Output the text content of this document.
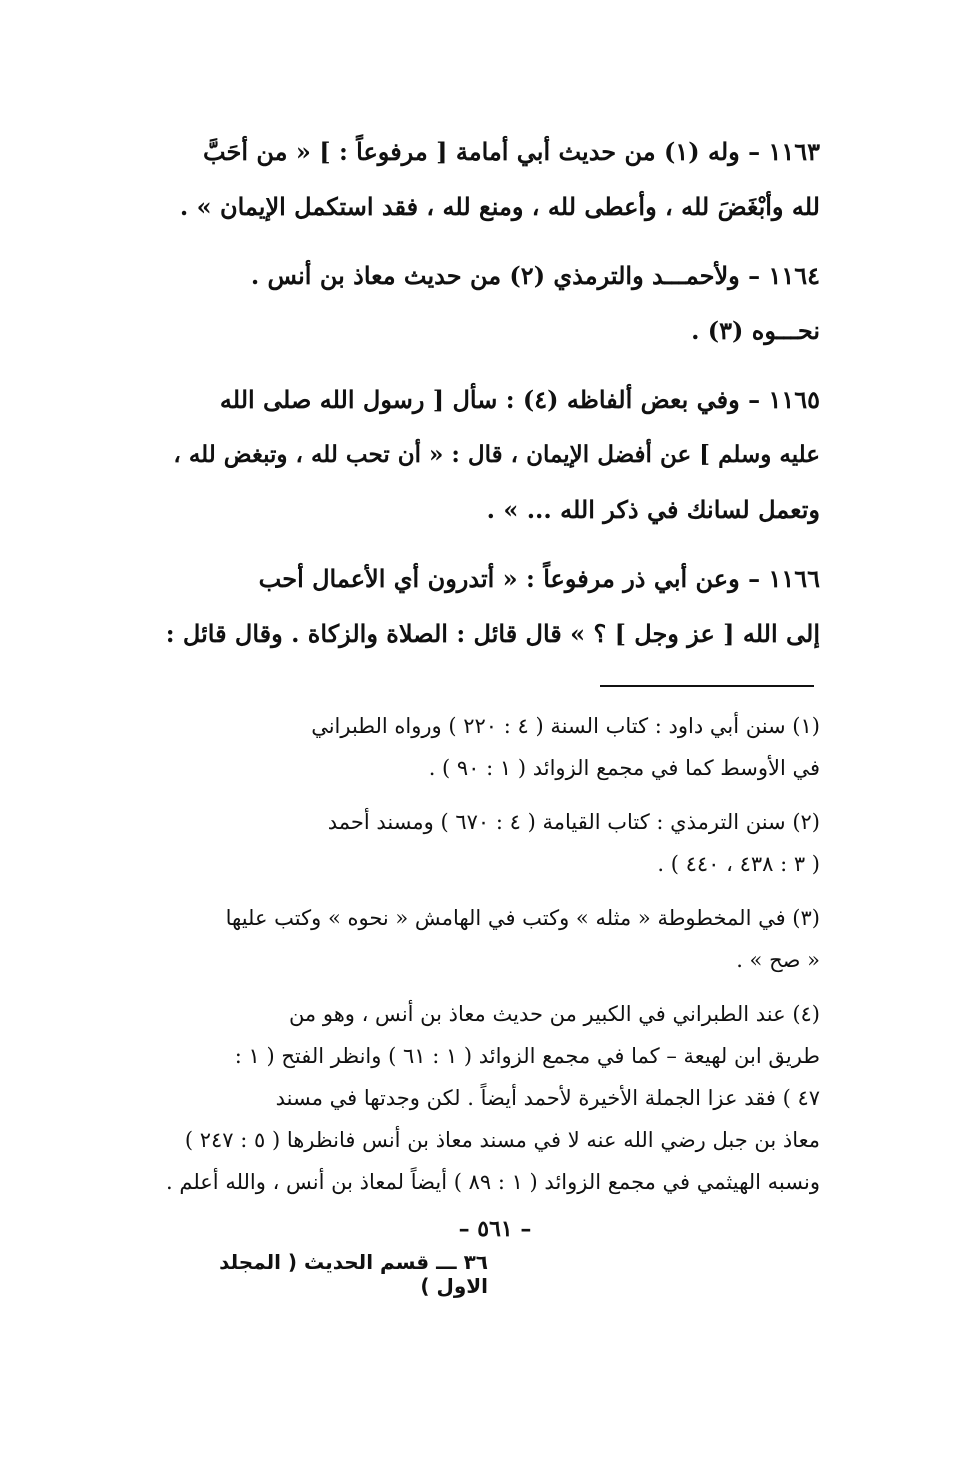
١١٦٣ – وله (١) من حديث أبي أمامة [ مرفوعاً : ] « من أحَبَّ
لله وأبْغَضَ لله ، وأعطى لله ، ومنع لله ، فقد استكمل الإيمان » .
١١٦٤ – ولأحمـــد والترمذي (٢) من حديث معاذ بن أنس .
نحـــوه (٣) .
١١٦٥ – وفي بعض ألفاظه (٤) : سأل [ رسول الله صلى الله
عليه وسلم ] عن أفضل الإيمان ، قال : « أن تحب لله ، وتبغض لله ،
وتعمل لسانك في ذكر الله ... » .
١١٦٦ – وعن أبي ذر مرفوعاً : « أتدرون أي الأعمال أحب
إلى الله [ عز وجل ] ؟ » قال قائل : الصلاة والزكاة . وقال قائل :
(١) سنن أبي داود : كتاب السنة ( ٤ : ٢٢٠ ) ورواه الطبراني
في الأوسط كما في مجمع الزوائد ( ١ : ٩٠ ) .
(٢) سنن الترمذي : كتاب القيامة ( ٤ : ٦٧٠ ) ومسند أحمد
( ٣ : ٤٣٨ ، ٤٤٠ ) .
(٣) في المخطوطة « مثله » وكتب في الهامش « نحوه » وكتب عليها
« صح » .
(٤) عند الطبراني في الكبير من حديث معاذ بن أنس ، وهو من
طريق ابن لهيعة – كما في مجمع الزوائد ( ١ : ٦١ ) وانظر الفتح ( ١ :
٤٧ ) فقد عزا الجملة الأخيرة لأحمد أيضاً . لكن وجدتها في مسند
معاذ بن جبل رضي الله عنه لا في مسند معاذ بن أنس فانظرها ( ٥ : ٢٤٧ )
ونسبه الهيثمي في مجمع الزوائد ( ١ : ٨٩ ) أيضاً لمعاذ بن أنس ، والله أعلم .
– ٥٦١ –
٣٦ ـــ قسم الحديث ( المجلد الاول )
